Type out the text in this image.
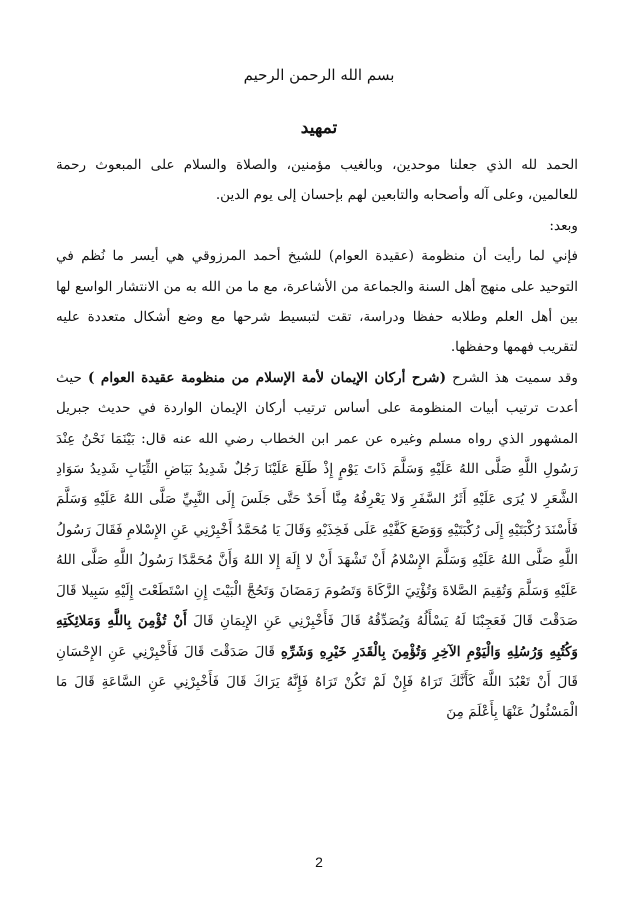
بسم الله الرحمن الرحيم
تمهيد

الحمد لله الذي جعلنا موحدين، وبالغيب مؤمنين، والصلاة والسلام على المبعوث رحمة للعالمين، وعلى آله وأصحابه والتابعين لهم بإحسان إلى يوم الدين.

وبعد:

فإني لما رأيت أن منظومة (عقيدة العوام) للشيخ أحمد المرزوقي هي أيسر ما نُظم في التوحيد على منهج أهل السنة والجماعة من الأشاعرة، مع ما من الله به من الانتشار الواسع لها بين أهل العلم وطلابه حفظا ودراسة، تقت لتبسيط شرحها مع وضع أشكال متعددة عليه لتقريب فهمها وحفظها.

وقد سميت هذ الشرح (شرح أركان الإيمان لأمة الإسلام من منظومة عقيدة العوام ) حيث أعدت ترتيب أبيات المنظومة على أساس ترتيب أركان الإيمان الواردة في حديث جبريل المشهور الذي رواه مسلم وغيره عن عمر ابن الخطاب رضي الله عنه قال: بَيْنَمَا نَحْنُ عِنْدَ رَسُولِ اللَّهِ صَلَّى اللهُ عَلَيْهِ وَسَلَّمَ ذَاتَ يَوْمٍ إِذْ طَلَعَ عَلَيْنَا رَجُلٌ شَدِيدُ بَيَاضِ الثِّيَابِ شَدِيدُ سَوَادِ الشَّعَرِ لا يُرَى عَلَيْهِ أَثَرُ السَّفَرِ وَلا يَعْرِفُهُ مِنَّا أَحَدٌ حَتَّى جَلَسَ إِلَى النَّبِيِّ صَلَّى اللهُ عَلَيْهِ وَسَلَّمَ فَأَسْنَدَ رُكْبَتَيْهِ إِلَى رُكْبَتَيْهِ وَوَضَعَ كَفَّيْهِ عَلَى فَخِذَيْهِ وَقَالَ يَا مُحَمَّدُ أَخْبِرْنِي عَنِ الإِسْلامِ فَقَالَ رَسُولُ اللَّهِ صَلَّى اللهُ عَلَيْهِ وَسَلَّمَ الإِسْلامُ أَنْ تَشْهَدَ أَنْ لا إِلَهَ إِلا اللهُ وَأَنَّ مُحَمَّدًا رَسُولُ اللَّهِ صَلَّى اللهُ عَلَيْهِ وَسَلَّمَ وَتُقِيمَ الصَّلاةَ وَتُؤْتِيَ الزَّكَاةَ وَتَصُومَ رَمَضَانَ وَتَحُجَّ الْبَيْتَ إِنِ اسْتَطَعْتَ إِلَيْهِ سَبِيلا قَالَ صَدَقْتَ قَالَ فَعَجِبْنَا لَهُ يَسْأَلُهُ وَيُصَدِّقُهُ قَالَ فَأَخْبِرْنِي عَنِ الإِيمَانِ قَالَ أَنْ تُؤْمِنَ بِاللَّهِ وَمَلائِكَتِهِ وَكُتُبِهِ وَرُسُلِهِ وَالْيَوْمِ الآخِرِ وَتُؤْمِنَ بِالْقَدَرِ خَيْرِهِ وَشَرِّهِ قَالَ صَدَقْتَ قَالَ فَأَخْبِرْنِي عَنِ الإِحْسَانِ قَالَ أَنْ تَعْبُدَ اللَّهَ كَأَنَّكَ تَرَاهُ فَإِنْ لَمْ تَكُنْ تَرَاهُ فَإِنَّهُ يَرَاكَ قَالَ فَأَخْبِرْنِي عَنِ السَّاعَةِ قَالَ مَا الْمَسْئُولُ عَنْهَا بِأَعْلَمَ مِنَ

2
